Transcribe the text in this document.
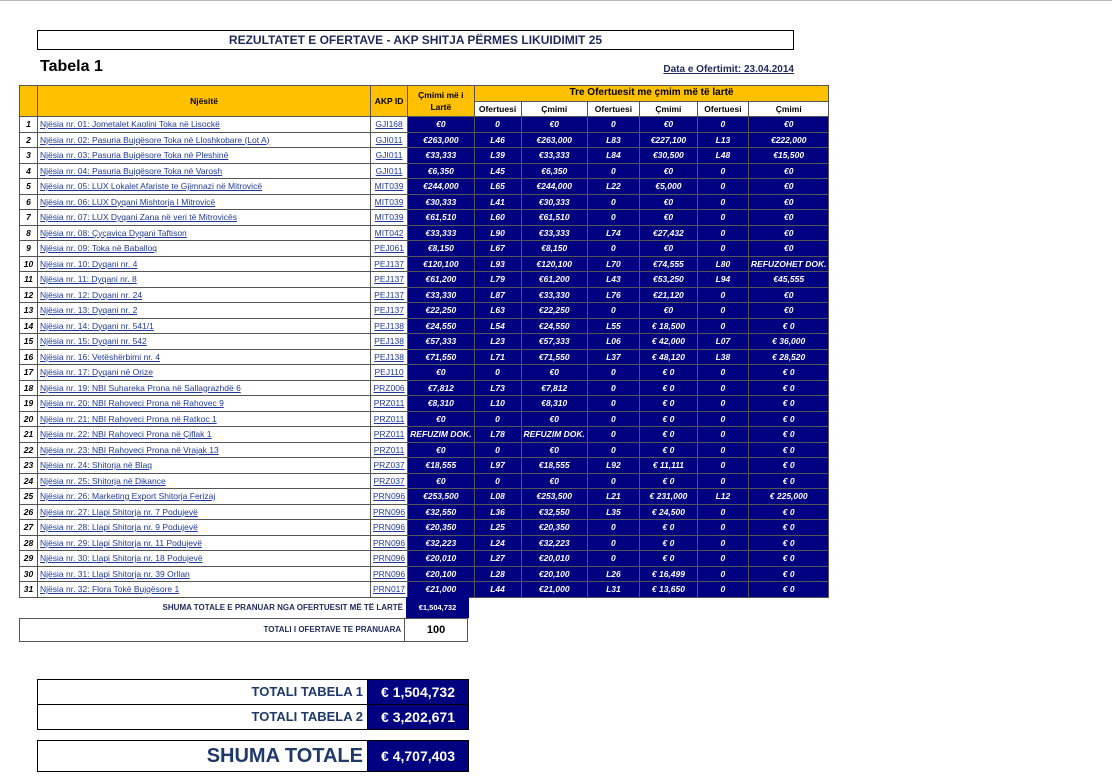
REZULTATET E OFERTAVE - AKP SHITJA PËRMES LIKUIDIMIT 25
Tabela 1	Data e Ofertimit: 23.04.2014
	Njësitë	AKP ID	Çmimi më i Lartë	Tre Ofertuesit me çmim më të lartë					
				Ofertuesi	Çmimi	Ofertuesi	Çmimi	Ofertuesi	Çmimi
1	Njësia nr. 01: Jometalet Kaolini Toka në Lisockë	GJI168	€0	0	€0	0	€0	0	€0
2	Njësia nr. 02: Pasuria Bujqësore Toka në Lloshkobare (Lot A)	GJI011	€263,000	L46	€263,000	L83	€227,100	L13	€222,000
3	Njësia nr. 03: Pasuria Bujqësore Toka në Pleshinë	GJI011	€33,333	L39	€33,333	L84	€30,500	L48	€15,500
4	Njësia nr. 04: Pasuria Bujqësore Toka në Varosh	GJI011	€6,350	L45	€6,350	0	€0	0	€0
5	Njësia nr. 05: LUX Lokalet Afariste te Gjimnazi në Mitrovicë	MIT039	€244,000	L65	€244,000	L22	€5,000	0	€0
6	Njësia nr. 06: LUX Dyqani Mishtorja I Mitrovicë	MIT039	€30,333	L41	€30,333	0	€0	0	€0
7	Njësia nr. 07: LUX Dyqani Zana në veri të Mitrovicës	MIT039	€61,510	L60	€61,510	0	€0	0	€0
8	Njësia nr. 08: Çyçavica Dyqani Taftison	MIT042	€33,333	L90	€33,333	L74	€27,432	0	€0
9	Njësia nr. 09: Toka në Baballoq	PEJ061	€8,150	L67	€8,150	0	€0	0	€0
10	Njësia nr. 10: Dyqani nr. 4	PEJ137	€120,100	L93	€120,100	L70	€74,555	L80	REFUZOHET DOK.
11	Njësia nr. 11: Dyqani nr. 8	PEJ137	€61,200	L79	€61,200	L43	€53,250	L94	€45,555
12	Njësia nr. 12: Dyqani nr. 24	PEJ137	€33,330	L87	€33,330	L76	€21,120	0	€0
13	Njësia nr. 13: Dyqani nr. 2	PEJ137	€22,250	L63	€22,250	0	€0	0	€0
14	Njësia nr. 14: Dyqani nr. 541/1	PEJ138	€24,550	L54	€24,550	L55	€ 18,500	0	€ 0
15	Njësia nr. 15: Dyqani nr. 542	PEJ138	€57,333	L23	€57,333	L06	€ 42,000	L07	€ 36,000
16	Njësia nr. 16: Vetëshërbimi nr. 4	PEJ138	€71,550	L71	€71,550	L37	€ 48,120	L38	€ 28,520
17	Njësia nr. 17: Dyqani në Orize	PEJ110	€0	0	€0	0	€ 0	0	€ 0
18	Njësia nr. 19: NBI Suhareka Prona në Sallagrazhdë 6	PRZ006	€7,812	L73	€7,812	0	€ 0	0	€ 0
19	Njësia nr. 20: NBI Rahoveci Prona në Rahovec 9	PRZ011	€8,310	L10	€8,310	0	€ 0	0	€ 0
20	Njësia nr. 21: NBI Rahoveci Prona në Ratkoc 1	PRZ011	€0	0	€0	0	€ 0	0	€ 0
21	Njësia nr. 22: NBI Rahoveci Prona në Çiflak 1	PRZ011	REFUZIM DOK.	L78	REFUZIM DOK.	0	€ 0	0	€ 0
22	Njësia nr. 23: NBI Rahoveci Prona në Vrajak 13	PRZ011	€0	0	€0	0	€ 0	0	€ 0
23	Njësia nr. 24: Shitorja në Blaq	PRZ037	€18,555	L97	€18,555	L92	€ 11,111	0	€ 0
24	Njësia nr. 25: Shitorja në Dikance	PRZ037	€0	0	€0	0	€ 0	0	€ 0
25	Njësia nr. 26: Marketing Export Shitorja Ferizaj	PRN096	€253,500	L08	€253,500	L21	€ 231,000	L12	€ 225,000
26	Njësia nr. 27: Llapi Shitorja nr. 7 Podujevë	PRN096	€32,550	L36	€32,550	L35	€ 24,500	0	€ 0
27	Njësia nr. 28: Llapi Shitorja nr. 9 Podujevë	PRN096	€20,350	L25	€20,350	0	€ 0	0	€ 0
28	Njësia nr. 29: Llapi Shitorja nr. 11 Podujevë	PRN096	€32,223	L24	€32,223	0	€ 0	0	€ 0
29	Njësia nr. 30: Llapi Shitorja nr. 18 Podujevë	PRN096	€20,010	L27	€20,010	0	€ 0	0	€ 0
30	Njësia nr. 31: Llapi Shitorja nr. 39 Orllan	PRN096	€20,100	L28	€20,100	L26	€ 16,499	0	€ 0
31	Njësia nr. 32: Flora Tokë Bujqësore 1	PRN017	€21,000	L44	€21,000	L31	€ 13,650	0	€ 0

SHUMA TOTALE E PRANUAR NGA OFERTUESIT MË TË LARTË	€1,504,732
TOTALI I OFERTAVE TE PRANUARA	100
TOTALI TABELA 1	€ 1,504,732
TOTALI TABELA 2	€ 3,202,671
SHUMA TOTALE	€ 4,707,403
